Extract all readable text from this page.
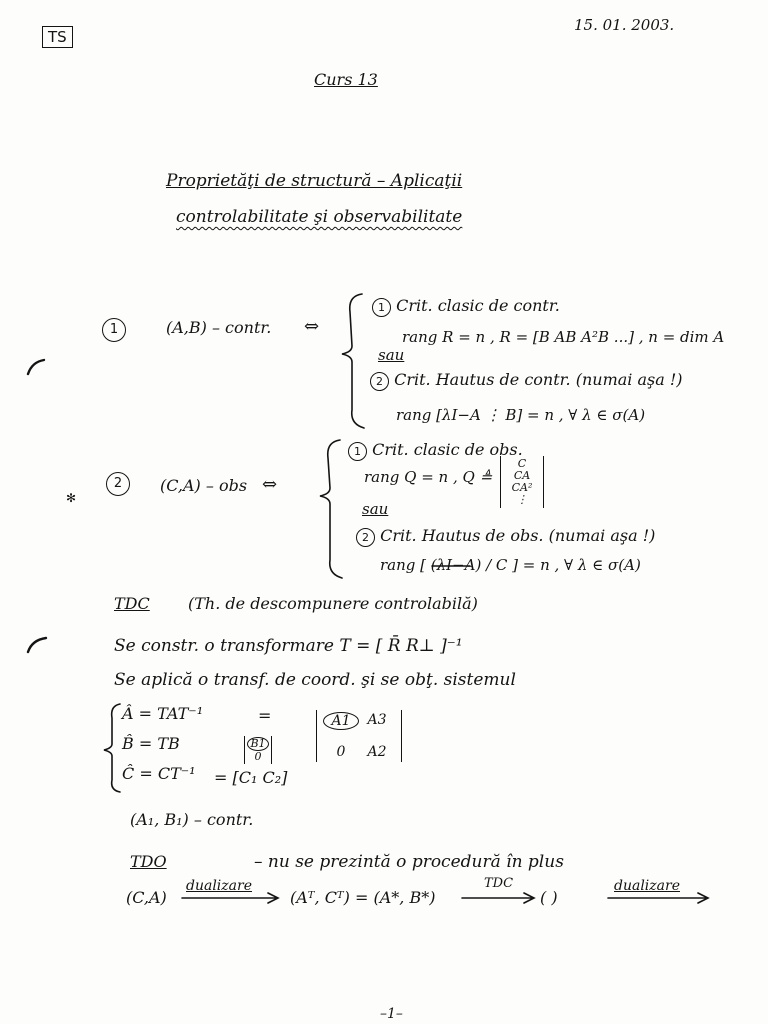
TS
15. 01. 2003.
Curs 13
Proprietăţi de structură – Aplicaţii
controlabilitate şi observabilitate
1	(A,B) – contr. ⇔
1 Crit. clasic de contr.
rang R = n , R = [B AB A²B ...] , n = dim A
sau
2 Crit. Hautus de contr. (numai aşa !)
rang [λI−A ⋮ B] = n , ∀ λ ∈ σ(A)
2	(C,A) – obs ⇔
1 Crit. clasic de obs.
rang Q = n , Q ≜
C
CA
CA²
⋮
sau
2 Crit. Hautus de obs. (numai aşa !)
rang [ (λI−A) / C ] = n , ∀ λ ∈ σ(A)
TDC (Th. de descompunere controlabilă)
Se constr. o transformare T = [ R̄ R⊥ ]⁻¹
Se aplică o transf. de coord. şi se obţ. sistemul
Â = TAT⁻¹
B̂ = TB
Ĉ = CT⁻¹
=
B1
0
= [C₁ C₂]
A1	A3
0	A2
(A₁, B₁) – contr.
TDO	– nu se prezintă o procedură în plus
(C,A)
dualizare
(Aᵀ, Cᵀ) = (A*, B*)
TDC
( )
dualizare
–1–
✻
